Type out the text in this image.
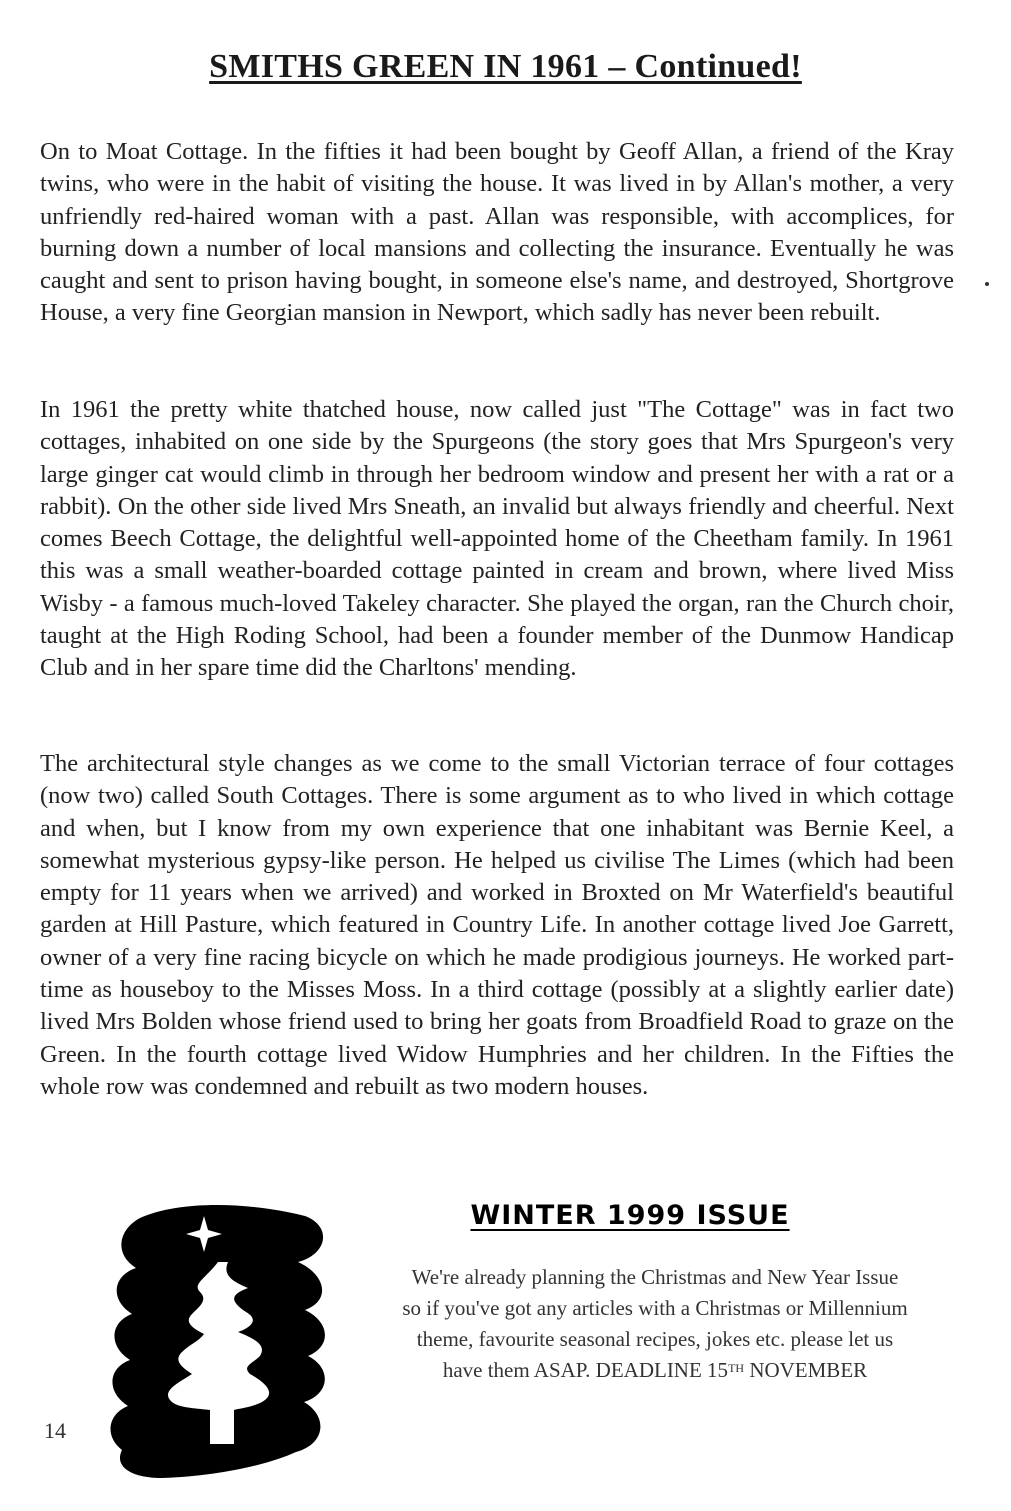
SMITHS GREEN IN 1961 – Continued!

On to Moat Cottage. In the fifties it had been bought by Geoff Allan, a friend of the Kray twins, who were in the habit of visiting the house. It was lived in by Allan's mother, a very unfriendly red-haired woman with a past. Allan was responsible, with accomplices, for burning down a number of local mansions and collecting the insurance. Eventually he was caught and sent to prison having bought, in someone else's name, and destroyed, Shortgrove House, a very fine Georgian mansion in Newport, which sadly has never been rebuilt.

In 1961 the pretty white thatched house, now called just "The Cottage" was in fact two cottages, inhabited on one side by the Spurgeons (the story goes that Mrs Spurgeon's very large ginger cat would climb in through her bedroom window and present her with a rat or a rabbit). On the other side lived Mrs Sneath, an invalid but always friendly and cheerful. Next comes Beech Cottage, the delightful well-appointed home of the Cheetham family. In 1961 this was a small weather-boarded cottage painted in cream and brown, where lived Miss Wisby - a famous much-loved Takeley character. She played the organ, ran the Church choir, taught at the High Roding School, had been a founder member of the Dunmow Handicap Club and in her spare time did the Charltons' mending.

The architectural style changes as we come to the small Victorian terrace of four cottages (now two) called South Cottages. There is some argument as to who lived in which cottage and when, but I know from my own experience that one inhabitant was Bernie Keel, a somewhat mysterious gypsy-like person. He helped us civilise The Limes (which had been empty for 11 years when we arrived) and worked in Broxted on Mr Waterfield's beautiful garden at Hill Pasture, which featured in Country Life. In another cottage lived Joe Garrett, owner of a very fine racing bicycle on which he made prodigious journeys. He worked part-time as houseboy to the Misses Moss. In a third cottage (possibly at a slightly earlier date) lived Mrs Bolden whose friend used to bring her goats from Broadfield Road to graze on the Green. In the fourth cottage lived Widow Humphries and her children. In the Fifties the whole row was condemned and rebuilt as two modern houses.

WINTER 1999 ISSUE
We're already planning the Christmas and New Year Issue
so if you've got any articles with a Christmas or Millennium
theme, favourite seasonal recipes, jokes etc. please let us
have them ASAP. DEADLINE 15TH NOVEMBER
14
